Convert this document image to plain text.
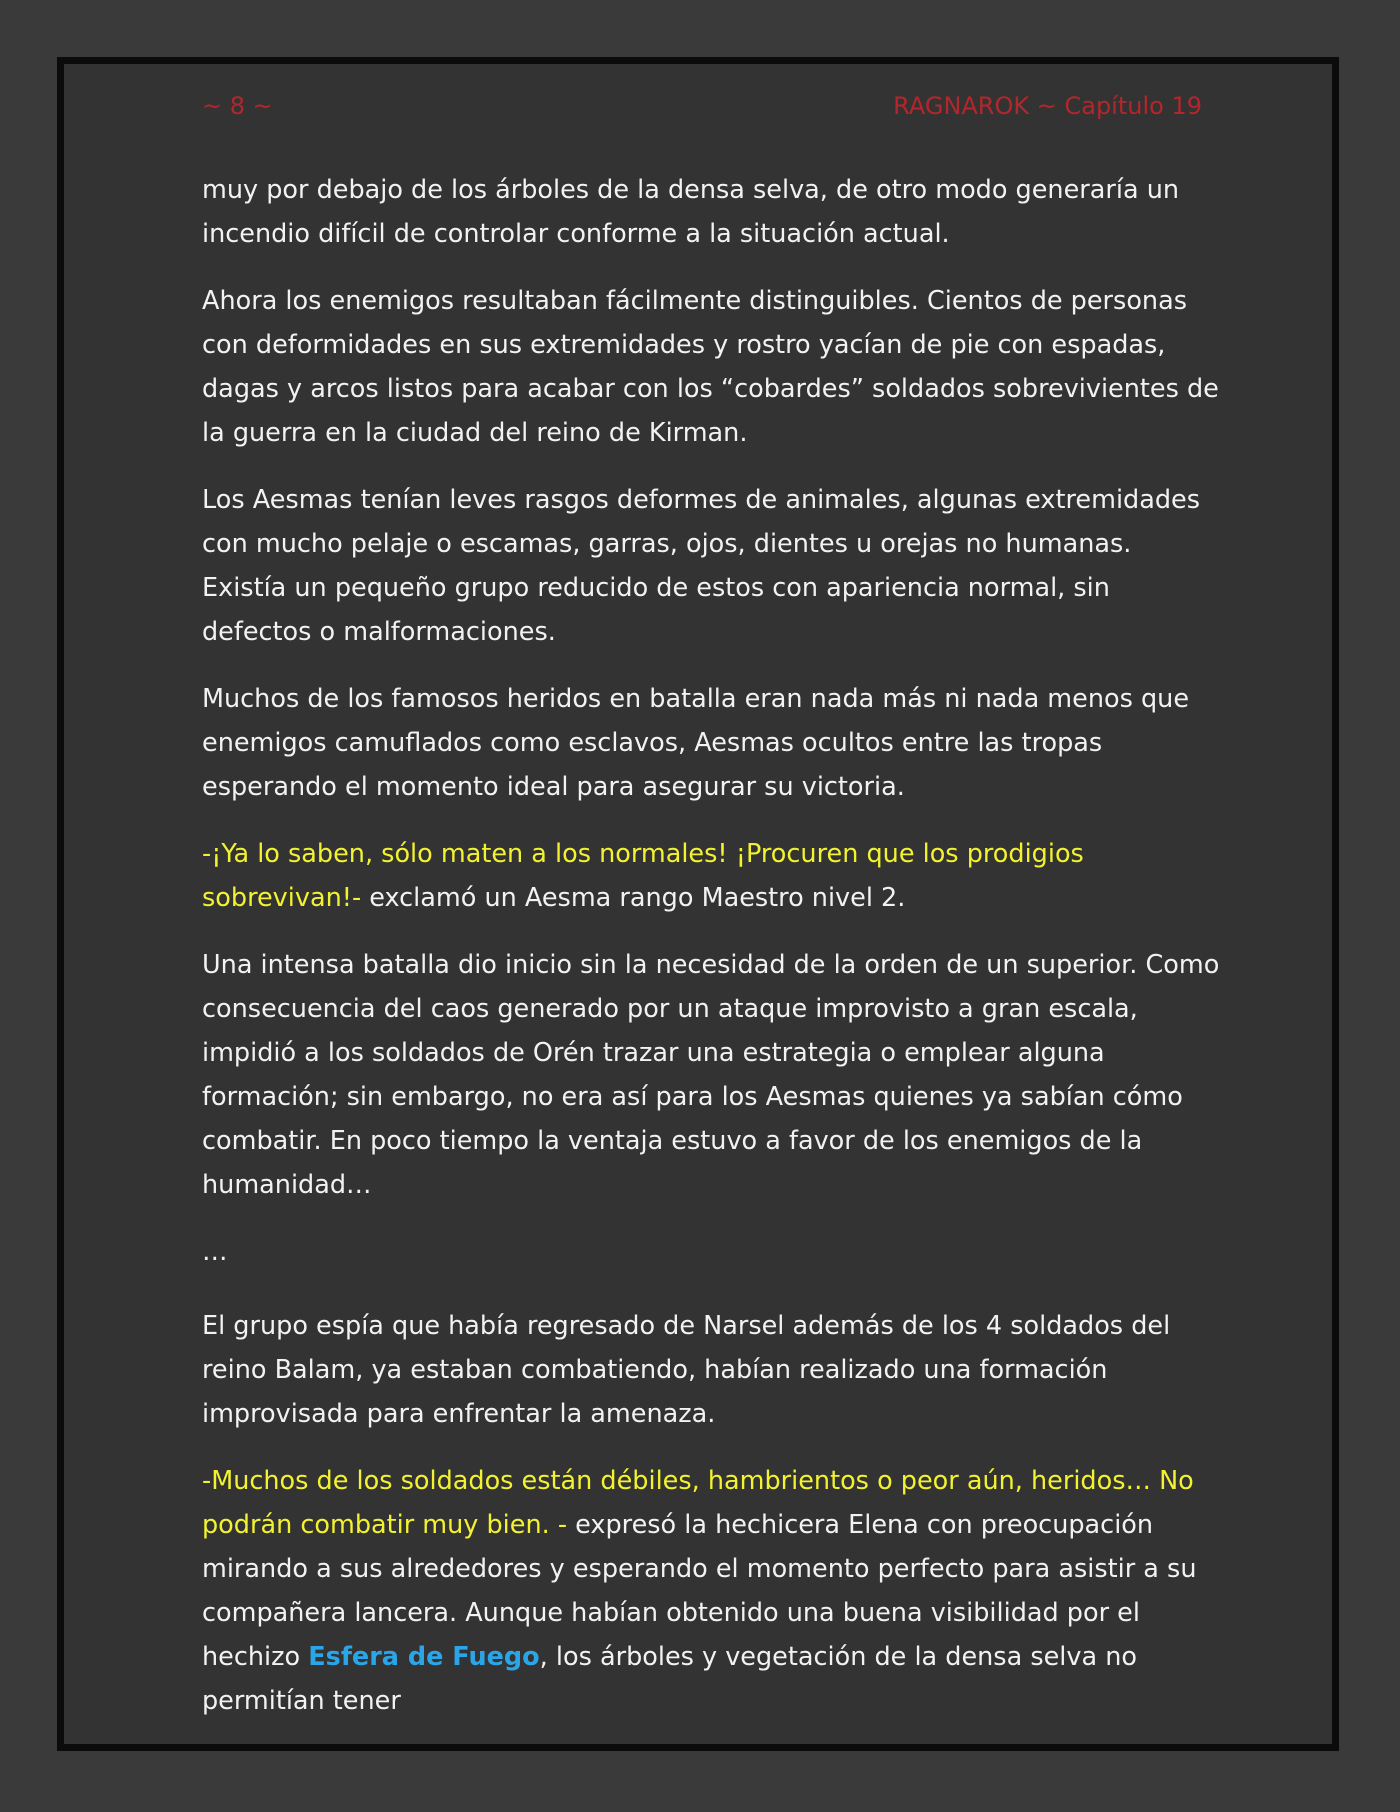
~ 8 ~	RAGNAROK ~ Capítulo 19

muy por debajo de los árboles de la densa selva, de otro modo generaría un incendio difícil de controlar conforme a la situación actual.

Ahora los enemigos resultaban fácilmente distinguibles. Cientos de personas con deformidades en sus extremidades y rostro yacían de pie con espadas, dagas y arcos listos para acabar con los “cobardes” soldados sobrevivientes de la guerra en la ciudad del reino de Kirman.

Los Aesmas tenían leves rasgos deformes de animales, algunas extremidades con mucho pelaje o escamas, garras, ojos, dientes u orejas no humanas. Existía un pequeño grupo reducido de estos con apariencia normal, sin defectos o malformaciones.

Muchos de los famosos heridos en batalla eran nada más ni nada menos que enemigos camuflados como esclavos, Aesmas ocultos entre las tropas esperando el momento ideal para asegurar su victoria.

-¡Ya lo saben, sólo maten a los normales! ¡Procuren que los prodigios sobrevivan!- exclamó un Aesma rango Maestro nivel 2.

Una intensa batalla dio inicio sin la necesidad de la orden de un superior. Como consecuencia del caos generado por un ataque improvisto a gran escala, impidió a los soldados de Orén trazar una estrategia o emplear alguna formación; sin embargo, no era así para los Aesmas quienes ya sabían cómo combatir. En poco tiempo la ventaja estuvo a favor de los enemigos de la humanidad…

…

El grupo espía que había regresado de Narsel además de los 4 soldados del reino Balam, ya estaban combatiendo, habían realizado una formación improvisada para enfrentar la amenaza.

-Muchos de los soldados están débiles, hambrientos o peor aún, heridos… No podrán combatir muy bien. - expresó la hechicera Elena con preocupación mirando a sus alrededores y esperando el momento perfecto para asistir a su compañera lancera. Aunque habían obtenido una buena visibilidad por el hechizo Esfera de Fuego, los árboles y vegetación de la densa selva no permitían tener
